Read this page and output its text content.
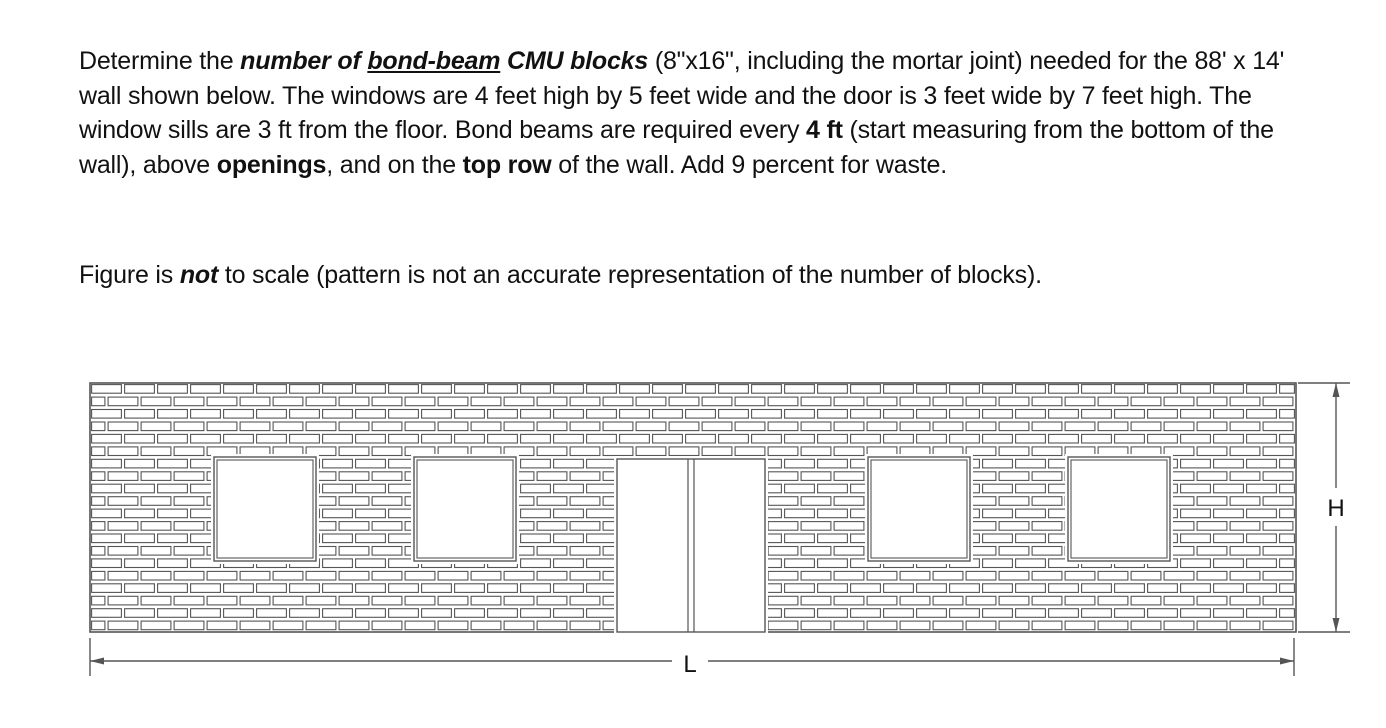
Determine the number of bond-beam CMU blocks (8"x16", including the mortar joint) needed for the 88' x 14' wall shown below. The windows are 4 feet high by 5 feet wide and the door is 3 feet wide by 7 feet high. The window sills are 3 ft from the floor. Bond beams are required every 4 ft (start measuring from the bottom of the wall), above openings, and on the top row of the wall. Add 9 percent for waste.

Figure is not to scale (pattern is not an accurate representation of the number of blocks).

L
H
